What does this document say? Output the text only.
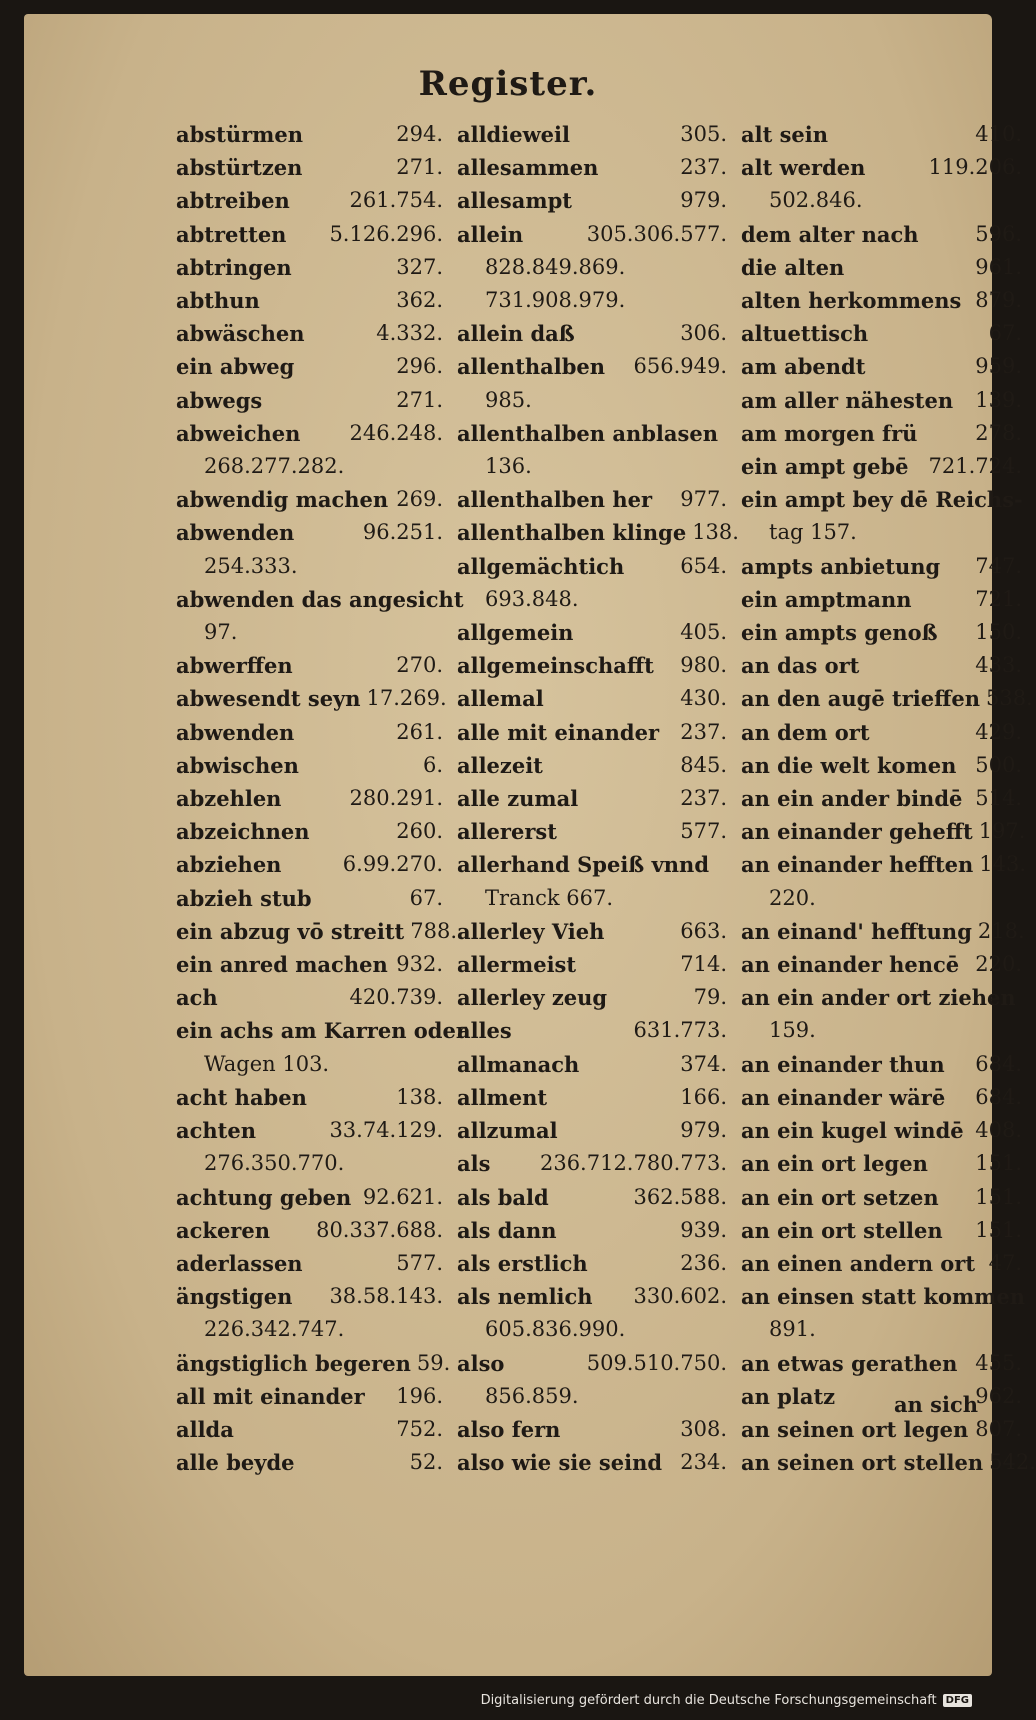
Register.
abstürmen	294.
abstürtzen	271.
abtreiben	261.754.
abtretten 5.126.296.
abtringen	327.
abthun	362.
abwäschen	4.332.
ein abweg	296.
abwegs	271.
abweichen 246.248.
268.277.282.
abwendig machen 269.
abwenden	96.251.
254.333.
abwenden das angesicht
97.
abwerffen	270.
abwesendt seyn 17.269.
abwenden	261.
abwischen	6.
abzehlen	280.291.
abzeichnen	260.
abziehen	6.99.270.
abzieh stub	67.
ein abzug vō streitt 788.
ein anred machen 932.
ach	420.739.
ein achs am Karren oder
Wagen 103.
acht haben	138.
achten	33.74.129.
276.350.770.
achtung geben 92.621.
ackeren 80.337.688.
aderlassen	577.
ängstigen 38.58.143.
226.342.747.
ängstiglich begeren 59.
all mit einander 196.
allda	752.
alle beyde	52.
alldieweil	305.
allesammen	237.
allesampt	979.
allein	305.306.577.
828.849.869.
731.908.979.
allein daß	306.
allenthalben 656.949.
985.
allenthalben anblasen
136.
allenthalben her 977.
allenthalben klinge 138.
allgemächtich	654.
693.848.
allgemein	405.
allgemeinschafft 980.
allemal	430.
alle mit einander 237.
allezeit	845.
alle zumal	237.
allererst	577.
allerhand Speiß vnnd
Tranck 667.
allerley Vieh	663.
allermeist	714.
allerley zeug	79.
alles	631.773.
allmanach	374.
allment	166.
allzumal	979.
als 236.712.780.773.
als bald	362.588.
als dann	939.
als erstlich	236.
als nemlich 330.602.
605.836.990.
also	509.510.750.
856.859.
also fern	308.
also wie sie seind 234.
alt sein	410.
alt werden	119.206.
502.846.
dem alter nach	596.
die alten	961.
alten herkommens 879.
altuettisch	67.
am abendt	959.
am aller nähesten 139.
am morgen frü	278.
ein ampt gebē 721.724.
ein ampt bey dē Reichs-
tag 157.
ampts anbietung 747.
ein amptmann	721.
ein ampts genoß 150.
an das ort	433.
an den augē trieffen 538.
an dem ort	429.
an die welt komen 500.
an ein ander bindē 514.
an einander gehefft 197.
an einander hefften 143.
220.
an einand' hefftung 218.
an einander hencē 220.
an ein ander ort ziehen
159.
an einander thun 684.
an einander wärē 684.
an ein kugel windē 408.
an ein ort legen 151.
an ein ort setzen 151.
an ein ort stellen 151.
an einen andern ort 47.
an einsen statt kommen
891.
an etwas gerathen 455.
an platz	962.
an seinen ort legen 807.
an seinen ort stellen 542.
an sich
Digitalisierung gefördert durch die Deutsche Forschungsgemeinschaft DFG
